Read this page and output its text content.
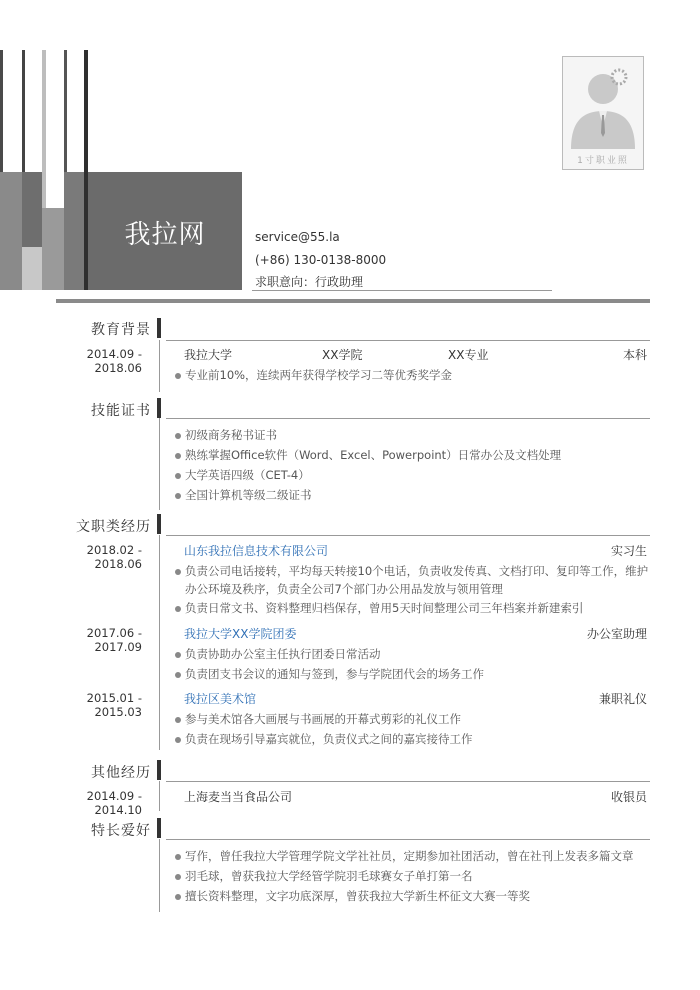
我拉网	service@55.la
(+86) 130-0138-8000
求职意向：行政助理
1寸职业照
教育背景
2014.09 - 2018.06
我拉大学	XX学院	XX专业	本科
专业前10%，连续两年获得学校学习二等优秀奖学金
技能证书
初级商务秘书证书
熟练掌握Office软件（Word、Excel、Powerpoint）日常办公及文档处理
大学英语四级（CET-4）
全国计算机等级二级证书
文职类经历
2018.02 - 2018.06
山东我拉信息技术有限公司	实习生
负责公司电话接转，平均每天转接10个电话，负责收发传真、文档打印、复印等工作，维护办公环境及秩序，负责全公司7个部门办公用品发放与领用管理
负责日常文书、资料整理归档保存，曾用5天时间整理公司三年档案并新建索引
2017.06 - 2017.09
我拉大学XX学院团委	办公室助理
负责协助办公室主任执行团委日常活动
负责团支书会议的通知与签到，参与学院团代会的场务工作
2015.01 - 2015.03
我拉区美术馆	兼职礼仪
参与美术馆各大画展与书画展的开幕式剪彩的礼仪工作
负责在现场引导嘉宾就位，负责仪式之间的嘉宾接待工作
其他经历
2014.09 - 2014.10
上海麦当当食品公司	收银员
特长爱好
写作，曾任我拉大学管理学院文学社社员，定期参加社团活动，曾在社刊上发表多篇文章
羽毛球，曾获我拉大学经管学院羽毛球赛女子单打第一名
擅长资料整理，文字功底深厚，曾获我拉大学新生杯征文大赛一等奖
